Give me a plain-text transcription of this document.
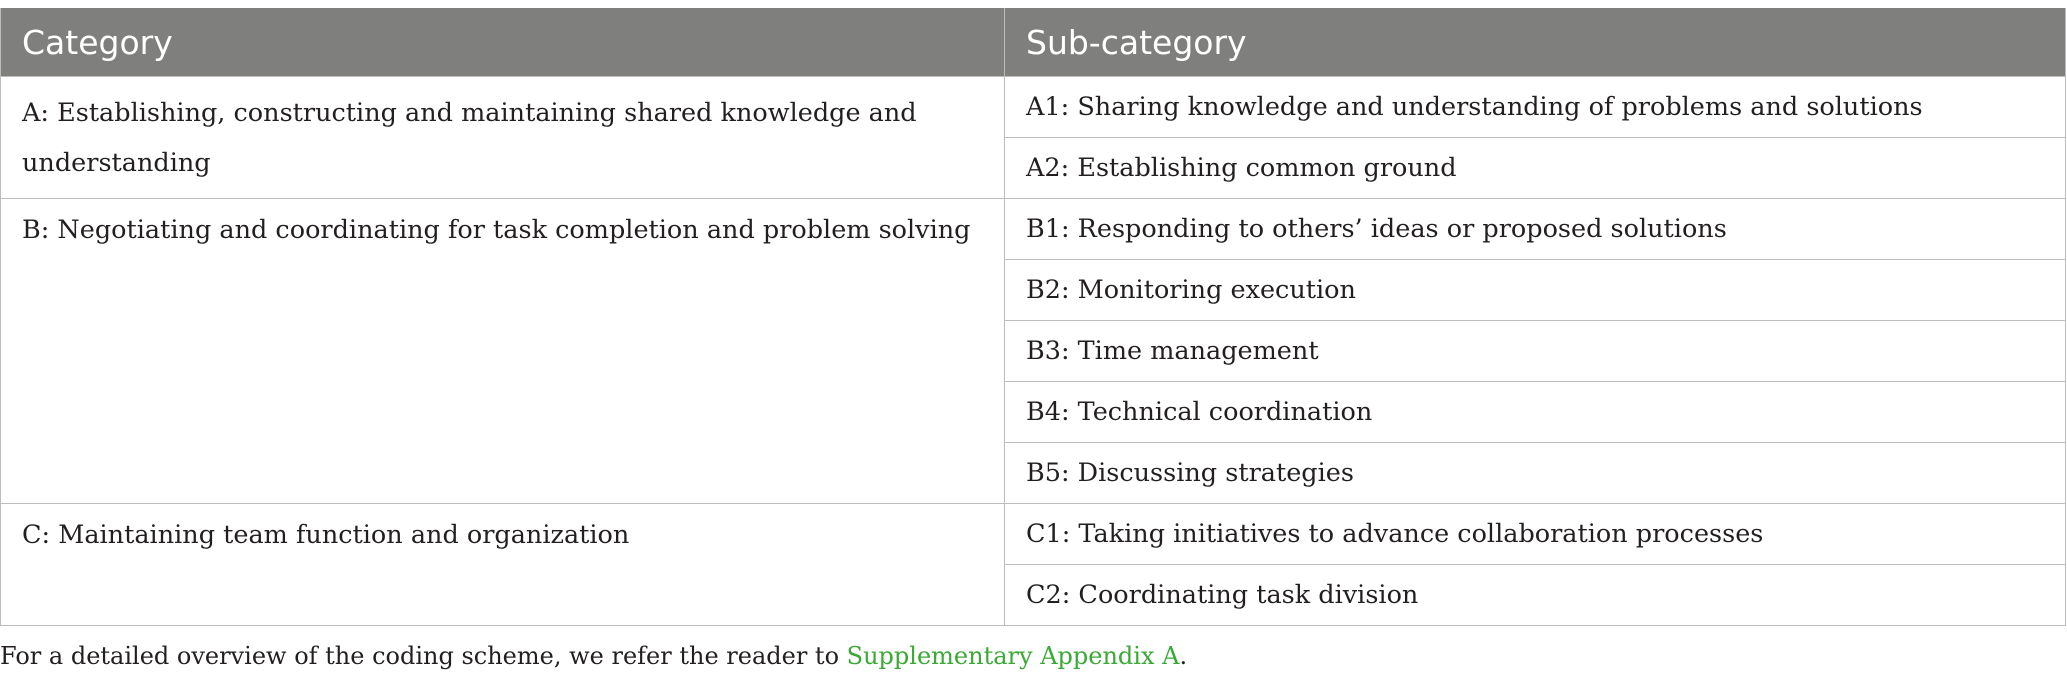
Category	Sub-category
A: Establishing, constructing and maintaining shared knowledge and understanding	A1: Sharing knowledge and understanding of problems and solutions
	A2: Establishing common ground
B: Negotiating and coordinating for task completion and problem solving	B1: Responding to others’ ideas or proposed solutions
	B2: Monitoring execution
	B3: Time management
	B4: Technical coordination
	B5: Discussing strategies
C: Maintaining team function and organization	C1: Taking initiatives to advance collaboration processes
	C2: Coordinating task division
For a detailed overview of the coding scheme, we refer the reader to Supplementary Appendix A.
